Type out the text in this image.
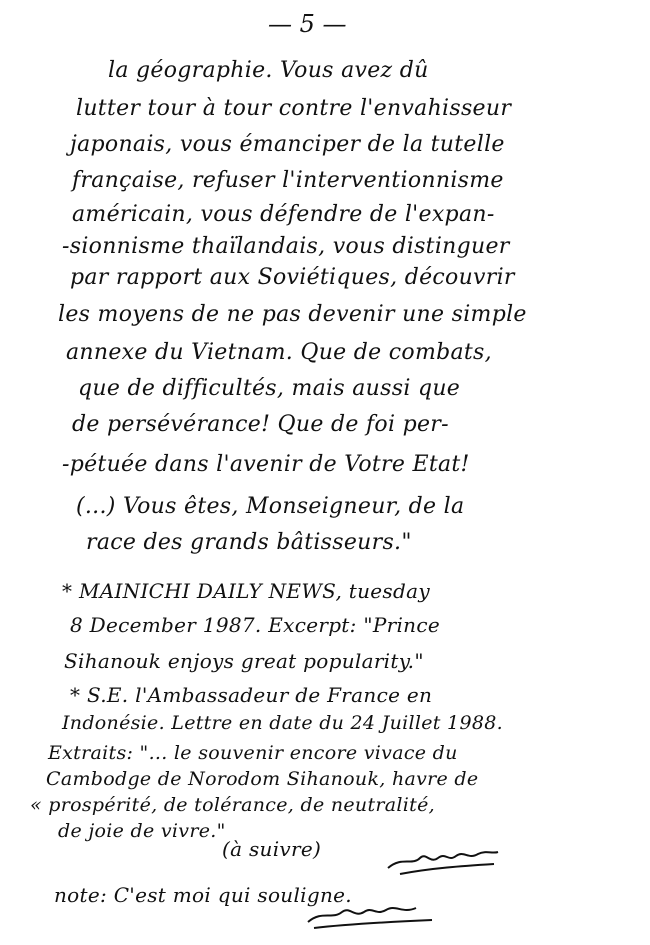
— 5 —
la géographie. Vous avez dû
lutter tour à tour contre l'envahisseur
japonais, vous émanciper de la tutelle
française, refuser l'interventionnisme
américain, vous défendre de l'expan-
-sionnisme thaïlandais, vous distinguer
par rapport aux Soviétiques, découvrir
les moyens de ne pas devenir une simple
annexe du Vietnam. Que de combats,
que de difficultés, mais aussi que
de persévérance! Que de foi per-
-pétuée dans l'avenir de Votre Etat!
(...) Vous êtes, Monseigneur, de la
race des grands bâtisseurs."
* MAINICHI DAILY NEWS, tuesday
8 December 1987. Excerpt: "Prince
Sihanouk enjoys great popularity."
* S.E. l'Ambassadeur de France en
Indonésie. Lettre en date du 24 Juillet 1988.
Extraits: "... le souvenir encore vivace du
Cambodge de Norodom Sihanouk, havre de
« prospérité, de tolérance, de neutralité,
de joie de vivre."
(à suivre)
note: C'est moi qui souligne.
